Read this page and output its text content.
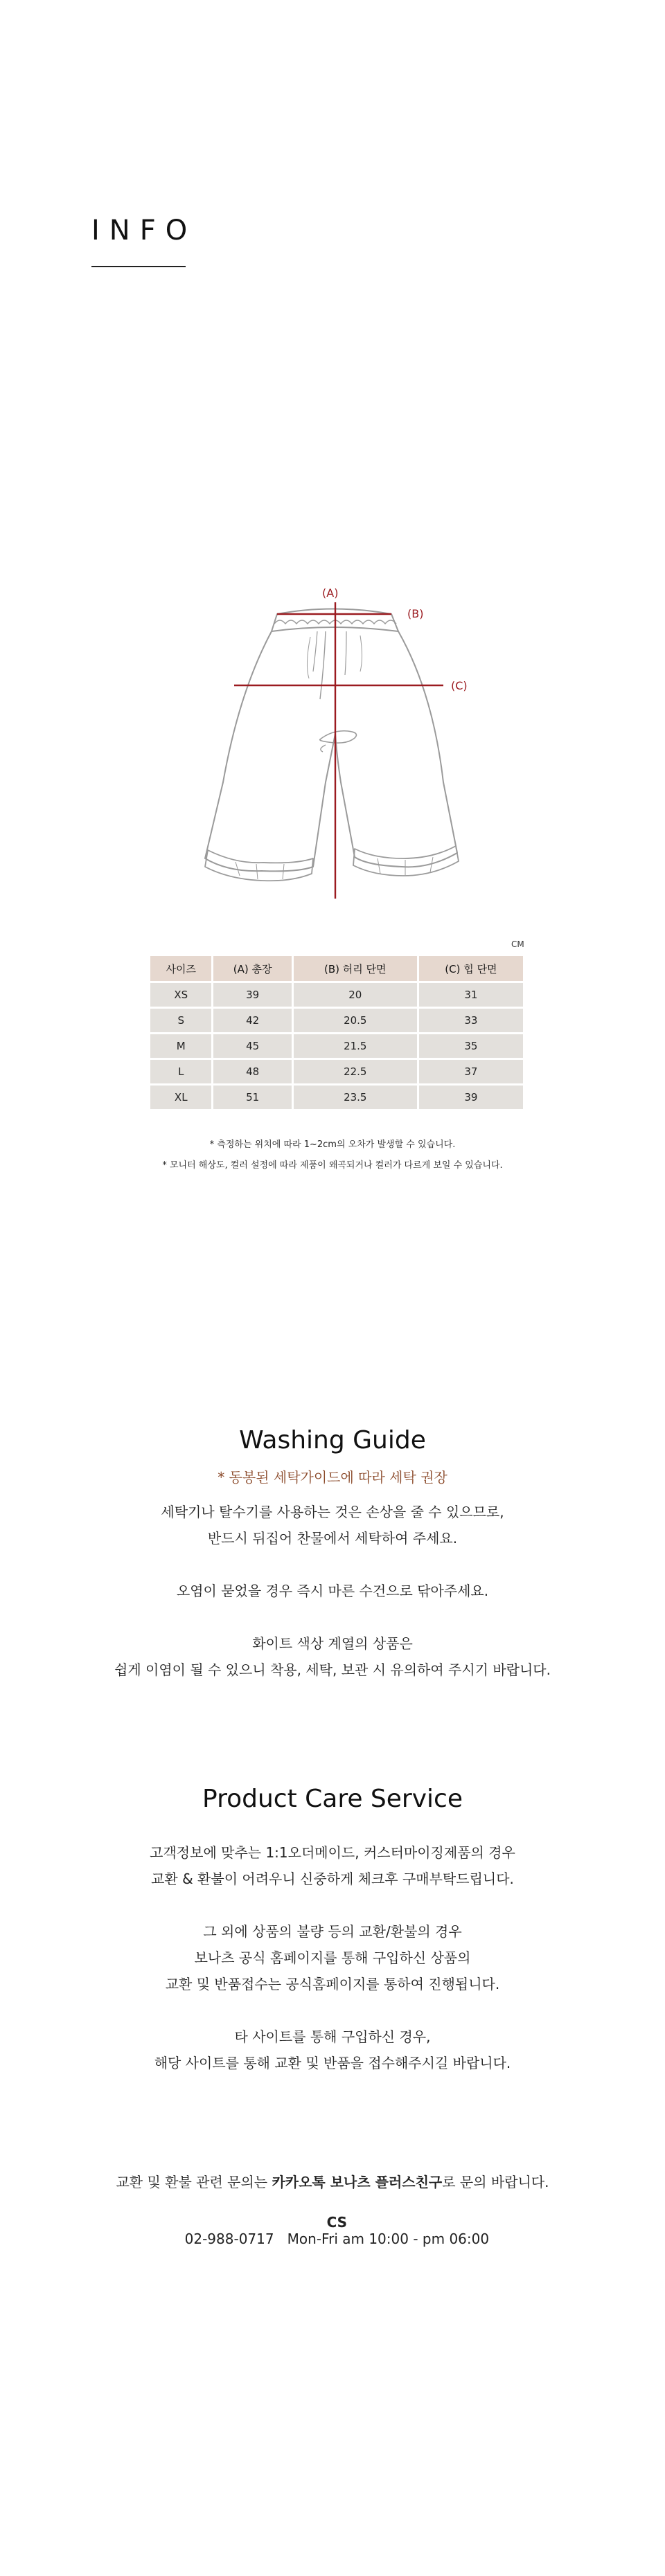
INFO
(A)
(B)
(C)
CM
사이즈	(A) 총장	(B) 허리 단면	(C) 힙 단면
XS	39	20	31
S	42	20.5	33
M	45	21.5	35
L	48	22.5	37
XL	51	23.5	39
* 측정하는 위치에 따라 1~2cm의 오차가 발생할 수 있습니다.
* 모니터 해상도, 컬러 설정에 따라 제품이 왜곡되거나 컬러가 다르게 보일 수 있습니다.
Washing Guide
* 동봉된 세탁가이드에 따라 세탁 권장
세탁기나 탈수기를 사용하는 것은 손상을 줄 수 있으므로,
반드시 뒤집어 찬물에서 세탁하여 주세요.
오염이 묻었을 경우 즉시 마른 수건으로 닦아주세요.
화이트 색상 계열의 상품은
쉽게 이염이 될 수 있으니 착용, 세탁, 보관 시 유의하여 주시기 바랍니다.
Product Care Service
고객정보에 맞추는 1:1오더메이드, 커스터마이징제품의 경우
교환 & 환불이 어려우니 신중하게 체크후 구매부탁드립니다.
그 외에 상품의 불량 등의 교환/환불의 경우
보나츠 공식 홈페이지를 통해 구입하신 상품의
교환 및 반품접수는 공식홈페이지를 통하여 진행됩니다.
타 사이트를 통해 구입하신 경우,
해당 사이트를 통해 교환 및 반품을 접수해주시길 바랍니다.
교환 및 환불 관련 문의는 카카오톡 보나츠 플러스친구로 문의 바랍니다.

CS
02-988-0717   Mon-Fri am 10:00 - pm 06:00
